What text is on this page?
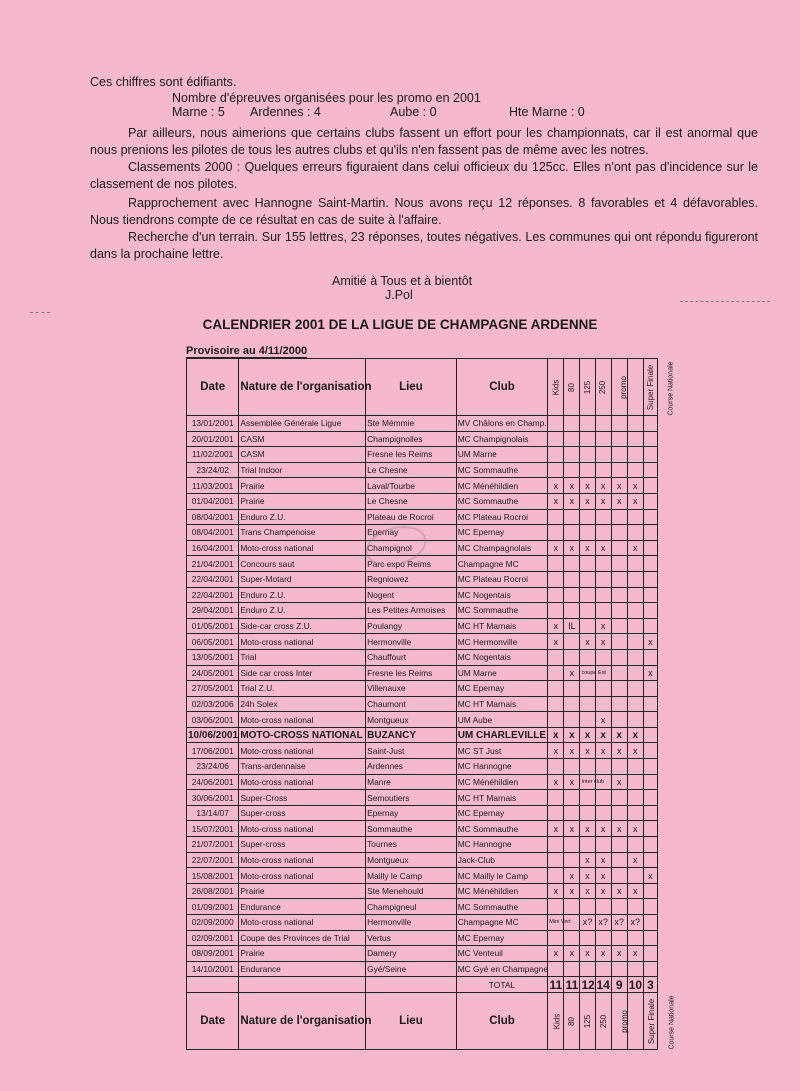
Ces chiffres sont édifiants.
Nombre d'épreuves organisées pour les promo en 2001
Marne : 5 Ardennes : 4	Aube : 0	Hte Marne : 0
Par ailleurs, nous aimerions que certains clubs fassent un effort pour les championnats, car il est anormal que nous prenions les pilotes de tous les autres clubs et qu'ils n'en fassent pas de même avec les notres.
Classements 2000 : Quelques erreurs figuraient dans celui officieux du 125cc. Elles n'ont pas d'incidence sur le classement de nos pilotes.
Rapprochement avec Hannogne Saint-Martin. Nous avons reçu 12 réponses. 8 favorables et 4 défavorables. Nous tiendrons compte de ce résultat en cas de suite à l'affaire.
Recherche d'un terrain. Sur 155 lettres, 23 réponses, toutes négatives. Les communes qui ont répondu figureront dans la prochaine lettre.
Amitié à Tous et à bientôt
J.Pol
CALENDRIER 2001 DE LA LIGUE DE CHAMPAGNE ARDENNE
Provisoire au 4/11/2000
Date	Nature de l'organisation	Lieu	Club	Kids	80	125	250	promo	Super Finale	Course Nationale
13/01/2001	Assemblée Générale Ligue	Ste Mémmie	MV Châlons en Champ.							
20/01/2001	CASM	Champignolles	MC Champignolais							
11/02/2001	CASM	Fresne les Reims	UM Marne							
23/24/02	Trial Indoor	Le Chesne	MC Sommauthe							
11/03/2001	Prairie	Laval/Tourbe	MC Ménéhildien	x	x	x	x	x	x	
01/04/2001	Prairie	Le Chesne	MC Sommauthe	x	x	x	x	x	x	
08/04/2001	Enduro Z.U.	Plateau de Rocroi	MC Plateau Rocroi							
08/04/2001	Trans Champenoise	Epernay	MC Epernay							
16/04/2001	Moto-cross national	Champignol	MC Champagnolais	x	x	x	x		x	
21/04/2001	Concours saut	Parc expo Reims	Champagne MC							
22/04/2001	Super-Motard	Regniowez	MC Plateau Rocroi							
22/04/2001	Enduro Z.U.	Nogent	MC Nogentais							
29/04/2001	Enduro Z.U.	Les Petites Armoises	MC Sommauthe							
01/05/2001	Side-car cross Z.U.	Poulangy	MC HT Marnais	x	IL		x			
06/05/2001	Moto-cross national	Hermonville	MC Hermonville	x		x	x			x
13/05/2001	Trial	Chauffourt	MC Nogentais							
24/05/2001	Side car cross Inter	Fresne les Reims	UM Marne		x	coupe Est				x
27/05/2001	Trial Z.U.	Villenauxe	MC Epernay							
02/03/2006	24h Solex	Chaumont	MC HT Marnais							
03/06/2001	Moto-cross national	Montgueux	UM Aube				x			
10/06/2001	MOTO-CROSS NATIONAL	BUZANCY	UM CHARLEVILLE	x	x	x	x	x	x	
17/06/2001	Moto-cross national	Saint-Just	MC ST Just	x	x	x	x	x	x	
23/24/06	Trans-ardennaise	Ardennes	MC Hannogne							
24/06/2001	Moto-cross national	Manre	MC Ménéhildien	x	x	Inter club		x		
30/06/2001	Super-Cross	Semoutiers	MC HT Marnais							
13/14/07	Super-cross	Epernay	MC Epernay							
15/07/2001	Moto-cross national	Sommauthe	MC Sommauthe	x	x	x	x	x	x	
21/07/2001	Super-cross	Tournes	MC Hannogne							
22/07/2001	Moto-cross national	Montgueux	Jack-Club			x	x		x	
15/08/2001	Moto-cross national	Mailly le Camp	MC Mailly le Camp		x	x	x			x
26/08/2001	Prairie	Ste Menehould	MC Ménéhildien	x	x	x	x	x	x	
01/09/2001	Endurance	Champigneul	MC Sommauthe							
02/09/2000	Moto-cross national	Hermonville	Champagne MC	Mini Vert		x?	x?	x?	x?	
02/09/2001	Coupe des Provinces de Trial	Vertus	MC Epernay							
08/09/2001	Prairie	Damery	MC Venteuil	x	x	x	x	x	x	
14/10/2001	Endurance	Gyé/Seine	MC Gyé en Champagne							
			TOTAL	11	11	12	14	9	10	3
Date	Nature de l'organisation	Lieu	Club	Kids	80	125	250	promo	Super Finale	Course Nationale
